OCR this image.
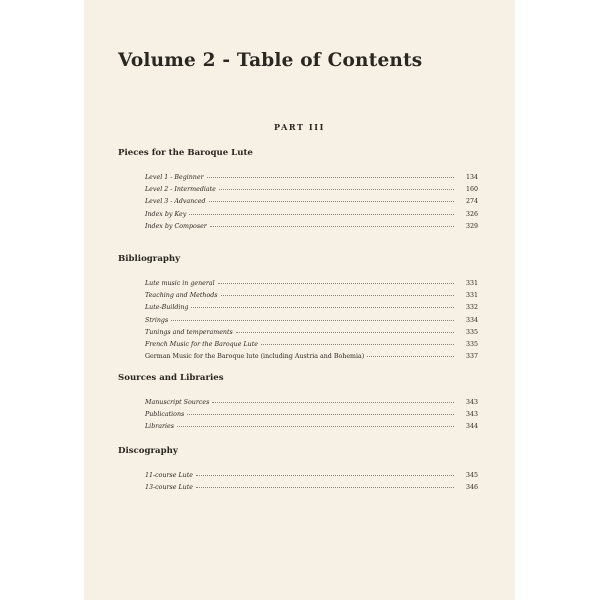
Volume 2 - Table of Contents
PART III
Pieces for the Baroque Lute
Level 1 - Beginner	134
Level 2 - Intermediate	160
Level 3 - Advanced	274
Index by Key	326
Index by Composer	329
Bibliography
Lute music in general	331
Teaching and Methods	331
Lute-Building	332
Strings	334
Tunings and temperaments	335
French Music for the Baroque Lute	335
German Music for the Baroque lute (including Austria and Bohemia)	337
Sources and Libraries
Manuscript Sources	343
Publications	343
Libraries	344
Discography
11-course Lute	345
13-course Lute	346
